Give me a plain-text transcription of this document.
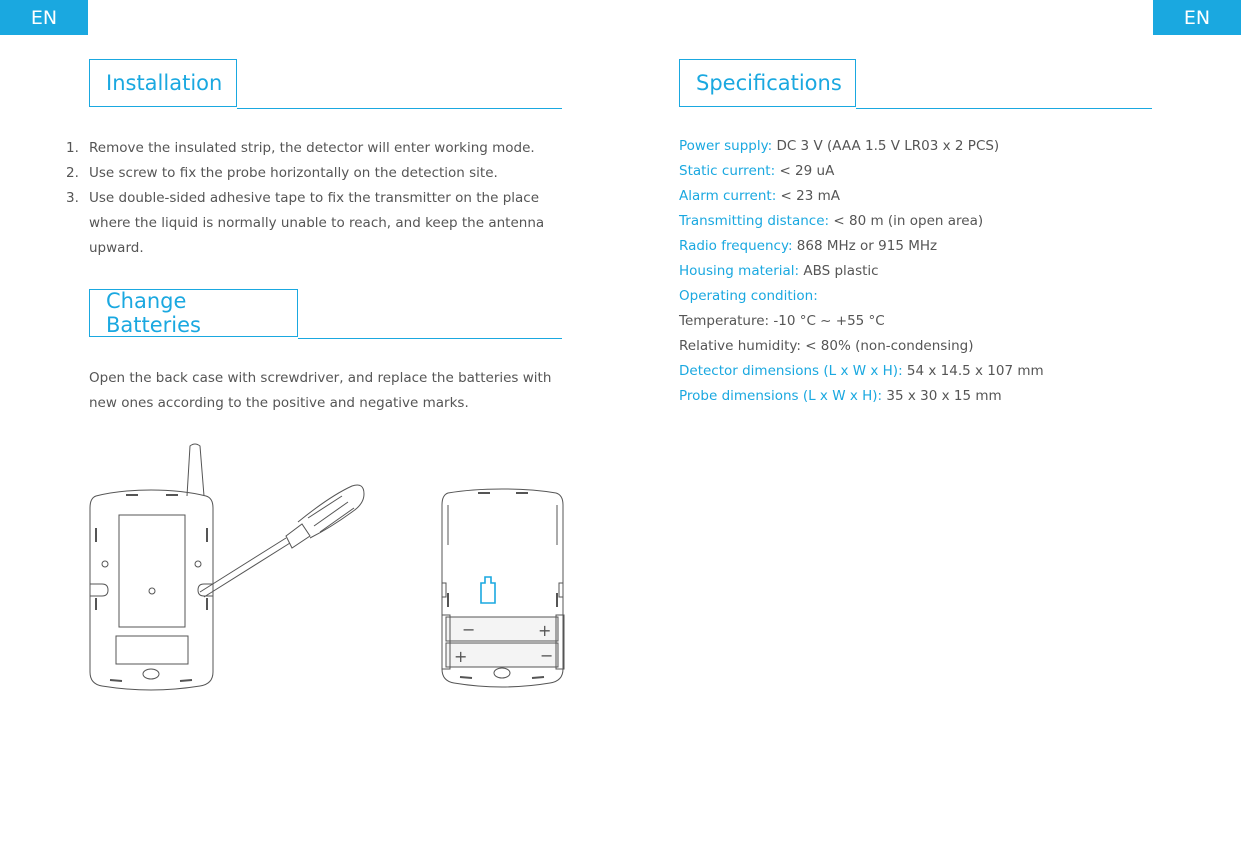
EN	EN
Installation
1. Remove the insulated strip, the detector will enter working mode.
2. Use screw to fix the probe horizontally on the detection site.
3. Use double-sided adhesive tape to fix the transmitter on the place where the liquid is normally unable to reach, and keep the antenna upward.
Change Batteries

Open the back case with screwdriver, and replace the batteries with new ones according to the positive and negative marks.

Specifications
Power supply: DC 3 V (AAA 1.5 V LR03 x 2 PCS)
Static current: < 29 uA
Alarm current: < 23 mA
Transmitting distance: < 80 m (in open area)
Radio frequency: 868 MHz or 915 MHz
Housing material: ABS plastic
Operating condition:
Temperature: -10 °C ~ +55 °C
Relative humidity: < 80% (non-condensing)
Detector dimensions (L x W x H): 54 x 14.5 x 107 mm
Probe dimensions (L x W x H): 35 x 30 x 15 mm
−	+
+	−
